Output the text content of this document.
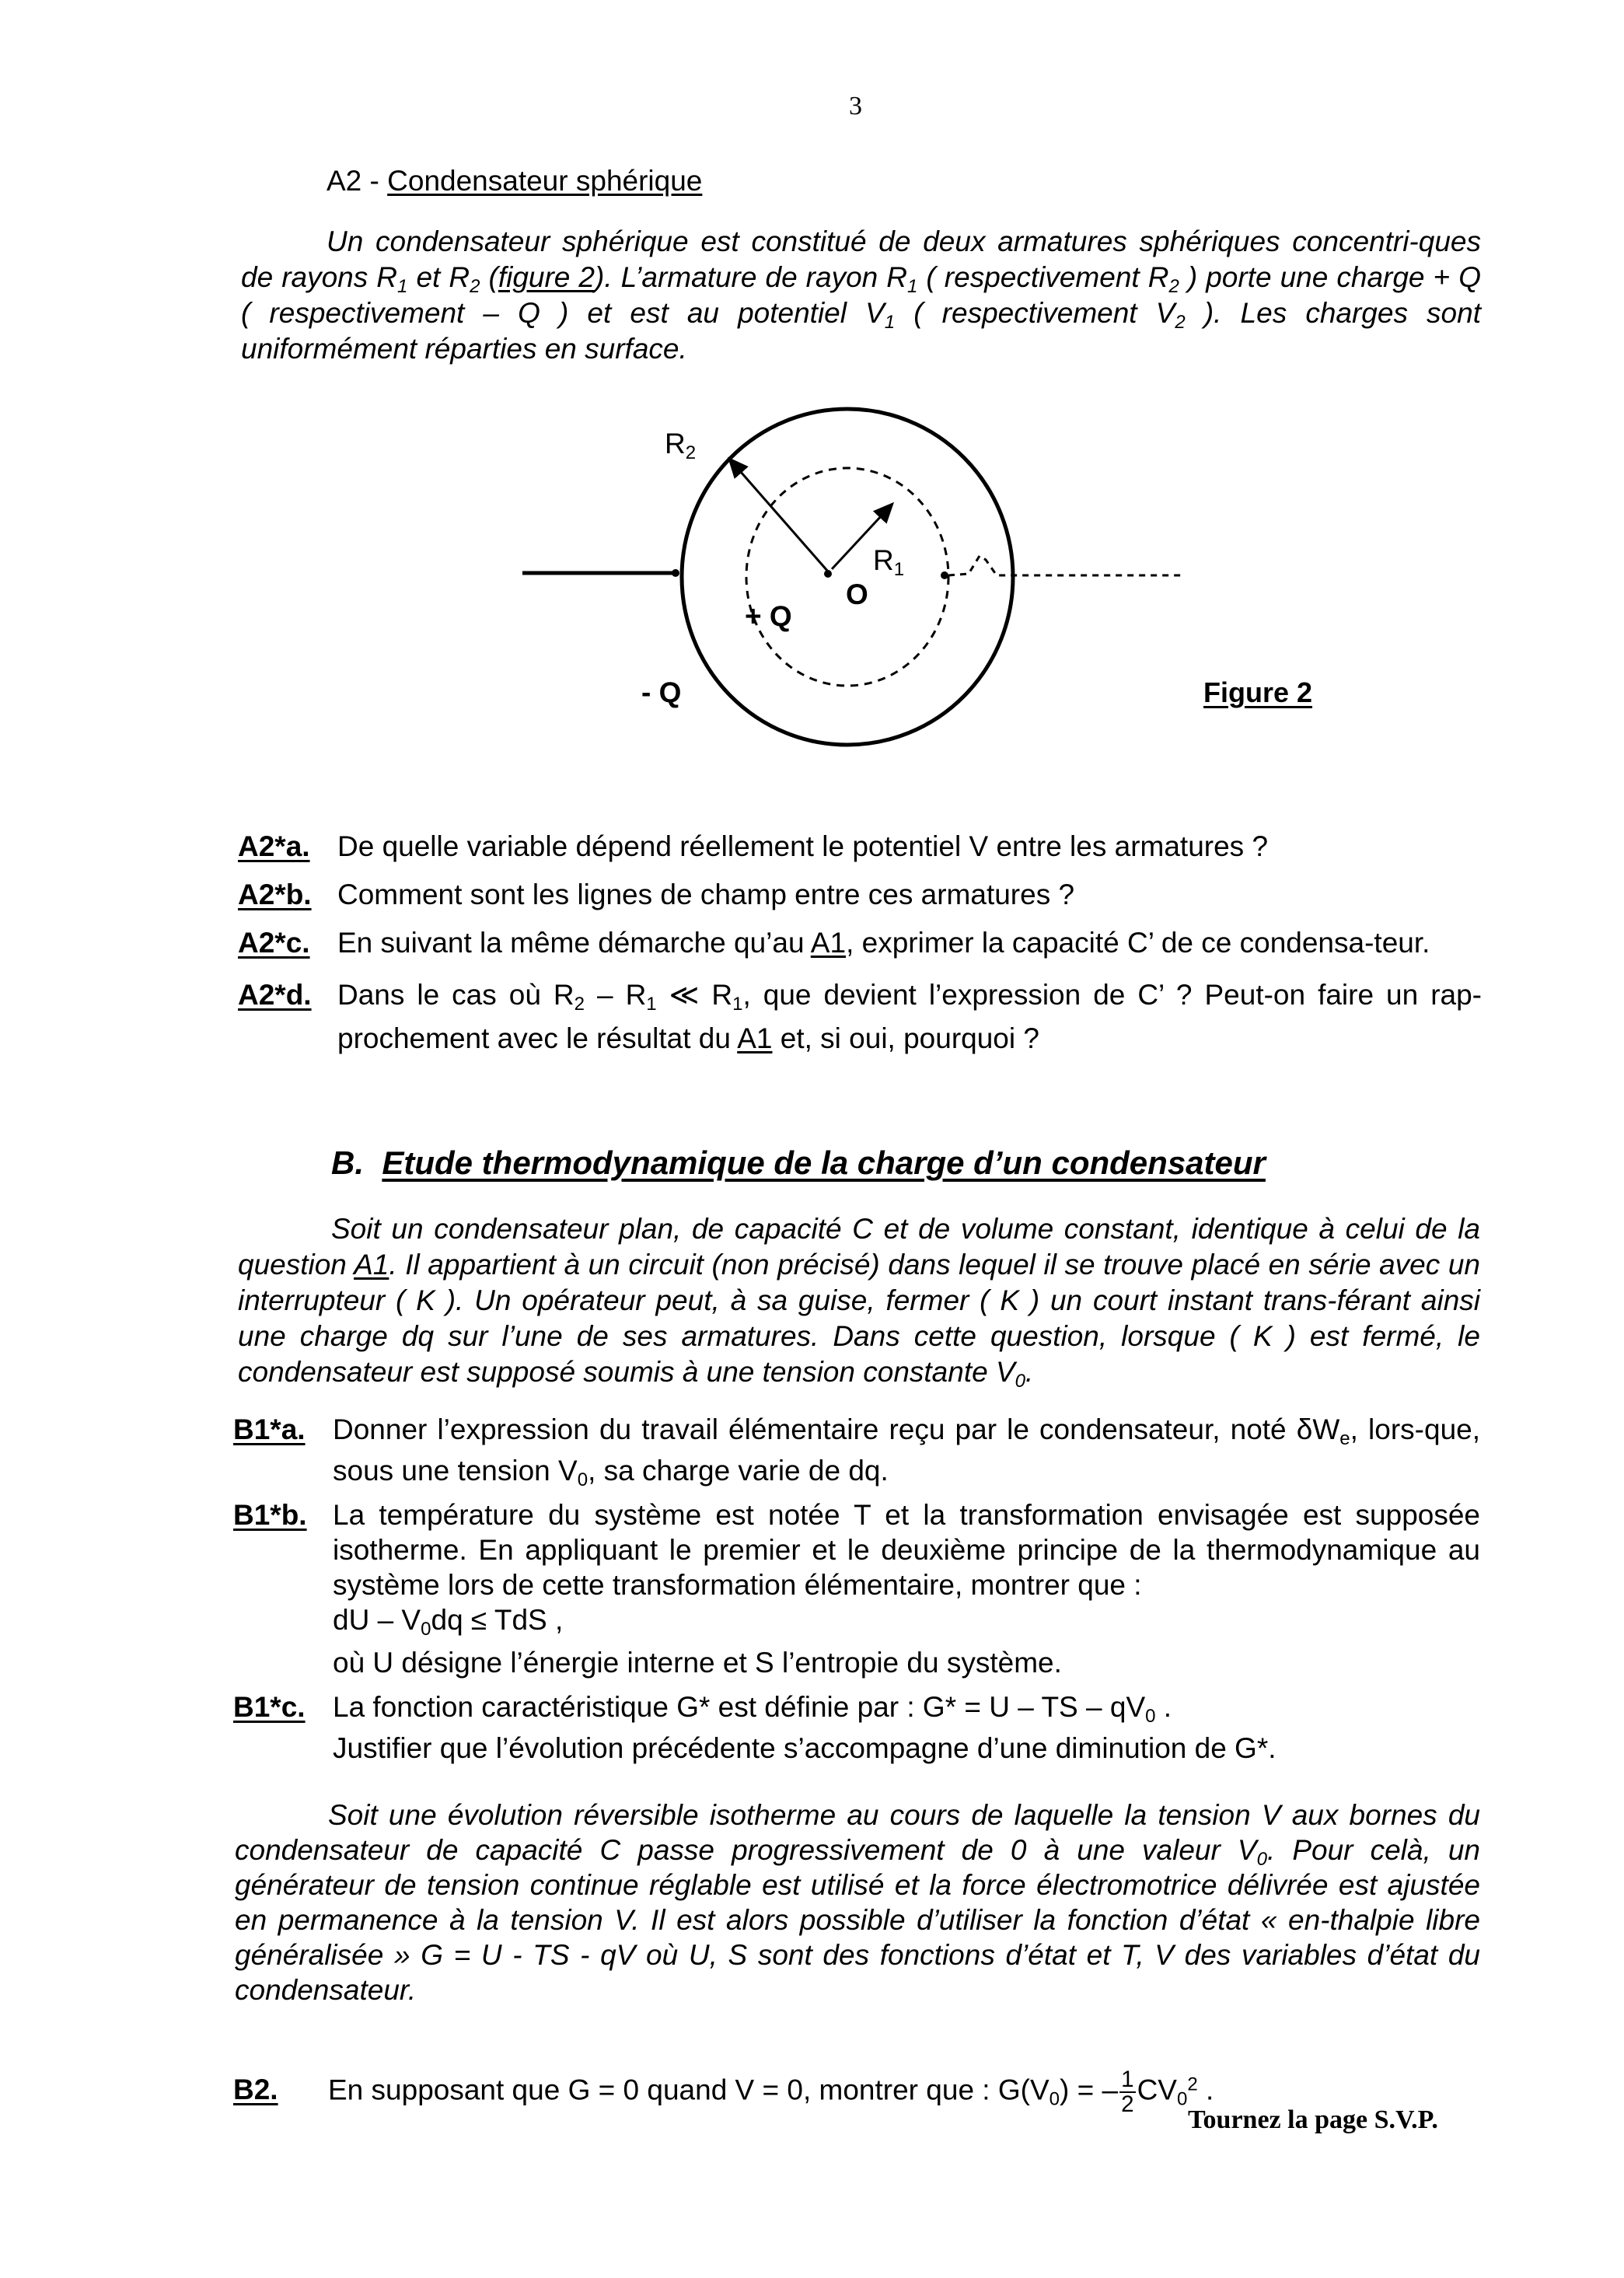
3
A2 - Condensateur sphérique
Un condensateur sphérique est constitué de deux armatures sphériques concentri-ques de rayons $R_1$ et $R_2$ (figure 2). L’armature de rayon $R_1$ ( respectivement $R_2$ ) porte une charge + Q ( respectivement – Q ) et est au potentiel $V_1$ ( respectivement $V_2$ ). Les charges sont uniformément réparties en surface.
$R_2$
$R_1$
O
+ Q
- Q	Figure 2
A2*a. De quelle variable dépend réellement le potentiel V entre les armatures ?
A2*b. Comment sont les lignes de champ entre ces armatures ?
A2*c. En suivant la même démarche qu’au A1, exprimer la capacité C’ de ce condensa-teur.
A2*d. Dans le cas où $R_2 - R_1$ ≪ $R_1$, que devient l’expression de C’ ? Peut-on faire un rap-prochement avec le résultat du A1 et, si oui, pourquoi ?
B. Etude thermodynamique de la charge d’un condensateur
Soit un condensateur plan, de capacité C et de volume constant, identique à celui de la question A1. Il appartient à un circuit (non précisé) dans lequel il se trouve placé en série avec un interrupteur ( K ). Un opérateur peut, à sa guise, fermer ( K ) un court instant trans-férant ainsi une charge dq sur l’une de ses armatures. Dans cette question, lorsque ( K ) est fermé, le condensateur est supposé soumis à une tension constante $V_0$.
B1*a. Donner l’expression du travail élémentaire reçu par le condensateur, noté $\delta W_e$, lors-que, sous une tension $V_0$, sa charge varie de dq.
B1*b. La température du système est notée T et la transformation envisagée est supposée isotherme. En appliquant le premier et le deuxième principe de la thermodynamique au système lors de cette transformation élémentaire, montrer que :
dU – $V_0dq$ ≤ TdS ,
où U désigne l’énergie interne et S l’entropie du système.
B1*c. La fonction caractéristique G* est définie par : G* = U – TS – $qV_0$ .
Justifier que l’évolution précédente s’accompagne d’une diminution de G*.
Soit une évolution réversible isotherme au cours de laquelle la tension V aux bornes du condensateur de capacité C passe progressivement de 0 à une valeur $V_0$. Pour celà, un générateur de tension continue réglable est utilisé et la force électromotrice délivrée est ajustée en permanence à la tension V. Il est alors possible d’utiliser la fonction d’état « en-thalpie libre généralisée » G = U - TS - qV où U, S sont des fonctions d’état et T, V des variables d’état du condensateur.
B2. En supposant que G = 0 quand V = 0, montrer que : $G(V_0)$ = – $\frac{1}{2} CV_0^2$ .
Tournez la page S.V.P.
